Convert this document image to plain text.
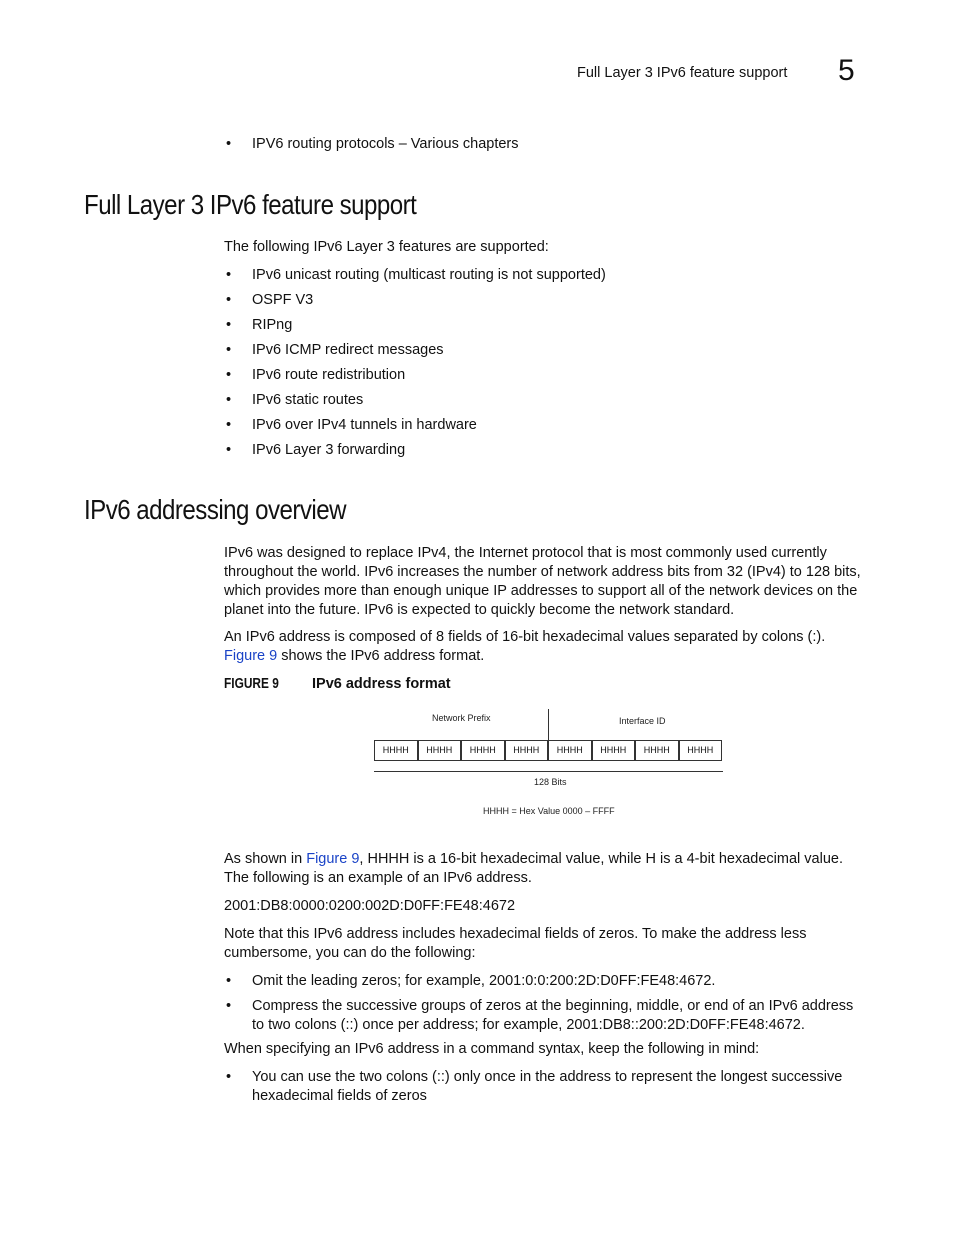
Full Layer 3 IPv6 feature support 5
• IPV6 routing protocols – Various chapters
Full Layer 3 IPv6 feature support

The following IPv6 Layer 3 features are supported:

• IPv6 unicast routing (multicast routing is not supported)
• OSPF V3
• RIPng
• IPv6 ICMP redirect messages
• IPv6 route redistribution
• IPv6 static routes
• IPv6 over IPv4 tunnels in hardware
• IPv6 Layer 3 forwarding
IPv6 addressing overview

IPv6 was designed to replace IPv4, the Internet protocol that is most commonly used currently throughout the world. IPv6 increases the number of network address bits from 32 (IPv4) to 128 bits, which provides more than enough unique IP addresses to support all of the network devices on the planet into the future. IPv6 is expected to quickly become the network standard.

An IPv6 address is composed of 8 fields of 16-bit hexadecimal values separated by colons (:).
Figure 9 shows the IPv6 address format.

FIGURE 9	IPv6 address format
Network Prefix	Interface ID
HHHH	HHHH	HHHH	HHHH	HHHH	HHHH	HHHH	HHHH
128 Bits
HHHH = Hex Value 0000 – FFFF

As shown in Figure 9, HHHH is a 16-bit hexadecimal value, while H is a 4-bit hexadecimal value. The following is an example of an IPv6 address.

2001:DB8:0000:0200:002D:D0FF:FE48:4672

Note that this IPv6 address includes hexadecimal fields of zeros. To make the address less cumbersome, you can do the following:

• Omit the leading zeros; for example, 2001:0:0:200:2D:D0FF:FE48:4672.
• Compress the successive groups of zeros at the beginning, middle, or end of an IPv6 address to two colons (::) once per address; for example, 2001:DB8::200:2D:D0FF:FE48:4672.

When specifying an IPv6 address in a command syntax, keep the following in mind:

• You can use the two colons (::) only once in the address to represent the longest successive hexadecimal fields of zeros
